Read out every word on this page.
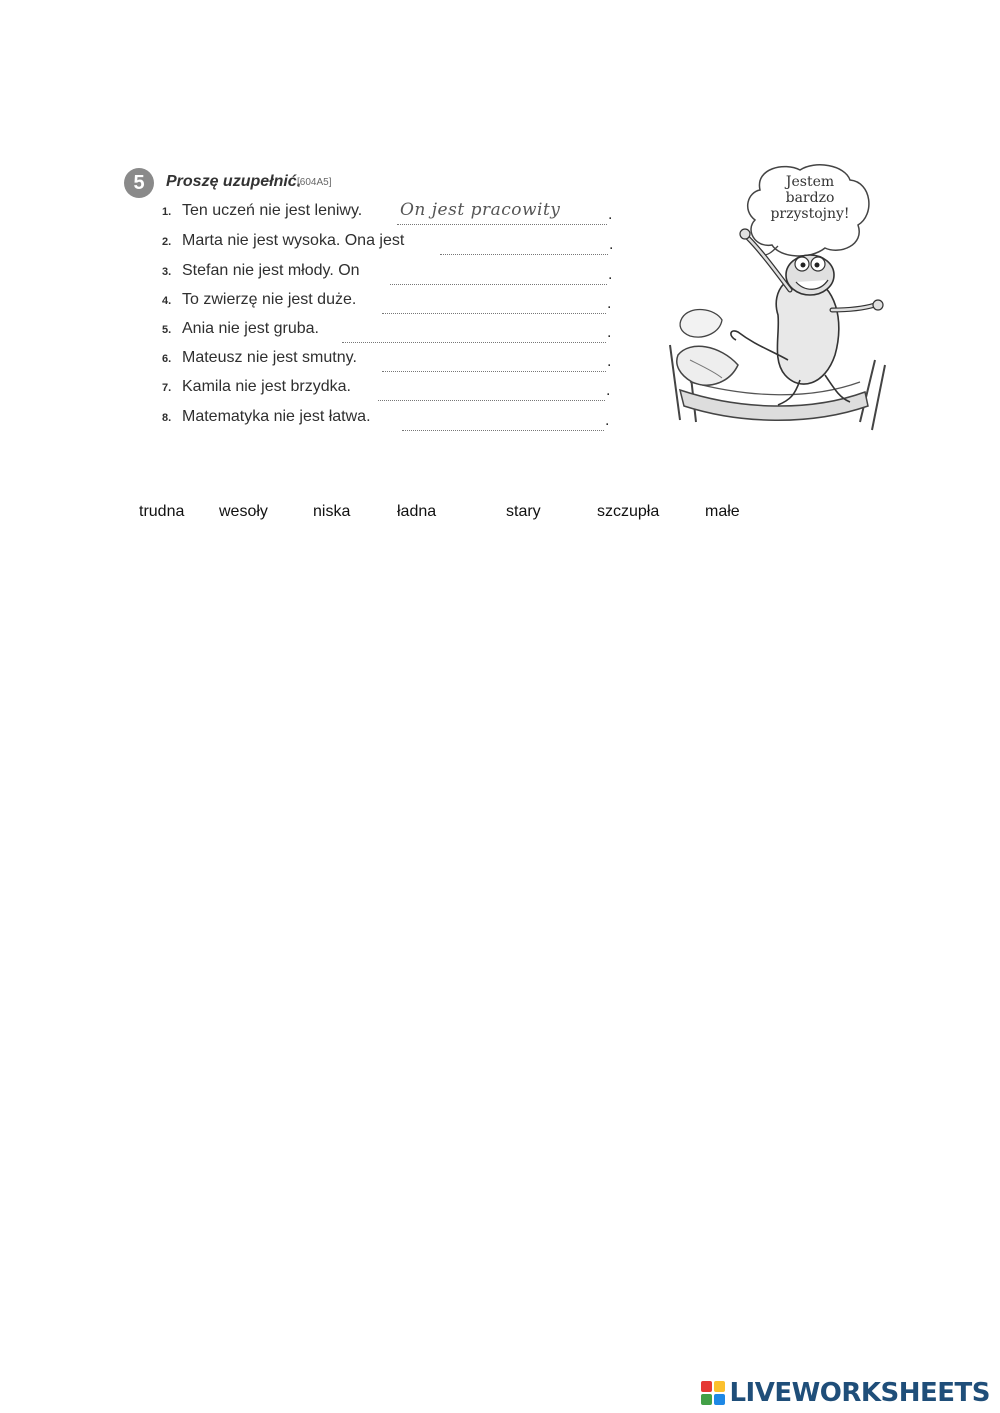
5	Proszę uzupełnić.
[604A5]
1. Ten uczeń nie jest leniwy.	On jest pracowity	.
2. Marta nie jest wysoka. Ona jest	.
3. Stefan nie jest młody. On	.
4. To zwierzę nie jest duże.	.
5. Ania nie jest gruba.	.
6. Mateusz nie jest smutny.	.
7. Kamila nie jest brzydka.	.
8. Matematyka nie jest łatwa.	.
Jestem
bardzo
przystojny!
trudna wesoły	niska	ładna	stary	szczupła	małe
LIVEWORKSHEETS
